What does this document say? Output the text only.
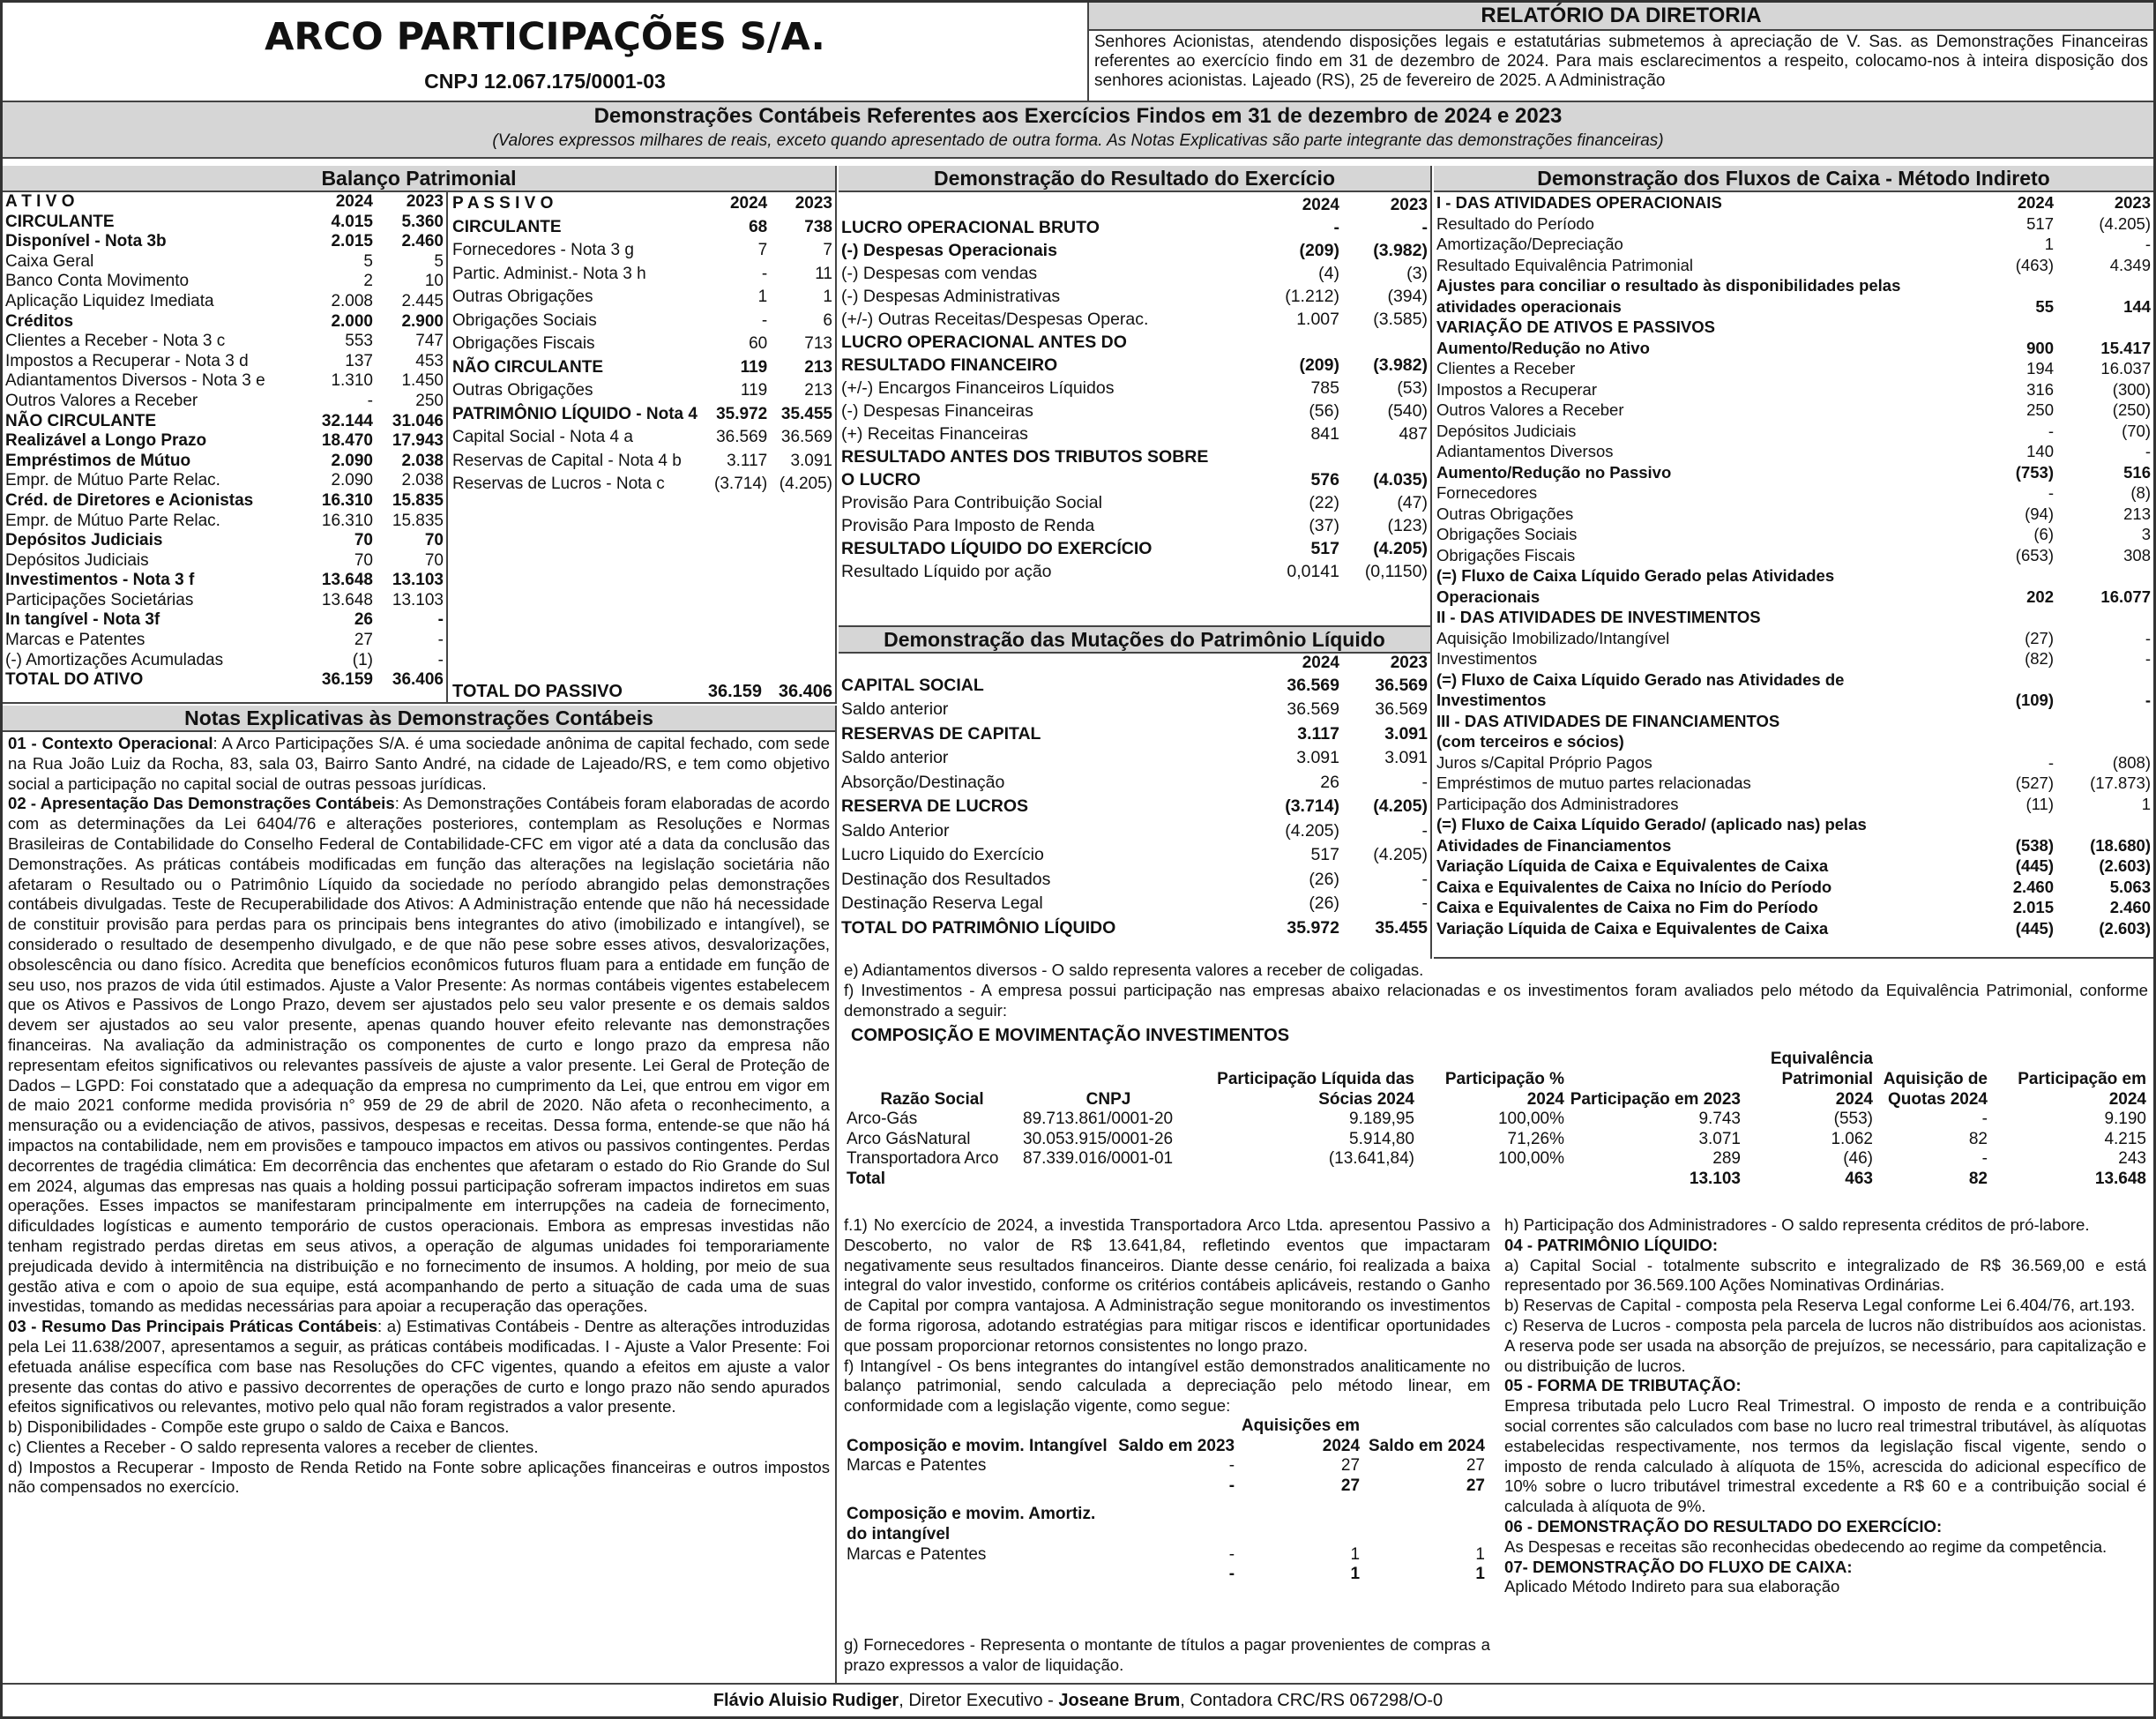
ARCO PARTICIPAÇÕES S/A.
CNPJ 12.067.175/0001-03
RELATÓRIO DA DIRETORIA
Senhores Acionistas, atendendo disposições legais e estatutárias submetemos à apreciação de V. Sas. as Demonstrações Financeiras referentes ao exercício findo em 31 de dezembro de 2024. Para mais esclarecimentos a respeito, colocamo-nos à inteira disposição dos senhores acionistas. Lajeado (RS), 25 de fevereiro de 2025. A Administração
Demonstrações Contábeis Referentes aos Exercícios Findos em 31 de dezembro de 2024 e 2023
(Valores expressos milhares de reais, exceto quando apresentado de outra forma. As Notas Explicativas são parte integrante das demonstrações financeiras)
Balanço Patrimonial
A T I V O	2024	2023
CIRCULANTE	4.015	5.360
Disponível - Nota 3b	2.015	2.460
Caixa Geral	5	5
Banco Conta Movimento	2	10
Aplicação Liquidez Imediata	2.008	2.445
Créditos	2.000	2.900
Clientes a Receber - Nota 3 c	553	747
Impostos a Recuperar - Nota 3 d	137	453
Adiantamentos Diversos - Nota 3 e	1.310	1.450
Outros Valores a Receber	-	250
NÃO CIRCULANTE	32.144	31.046
Realizável a Longo Prazo	18.470	17.943
Empréstimos de Mútuo	2.090	2.038
Empr. de Mútuo Parte Relac.	2.090	2.038
Créd. de Diretores e Acionistas	16.310	15.835
Empr. de Mútuo Parte Relac.	16.310	15.835
Depósitos Judiciais	70	70
Depósitos Judiciais	70	70
Investimentos - Nota 3 f	13.648	13.103
Participações Societárias	13.648	13.103
In tangível - Nota 3f	26	-
Marcas e Patentes	27	-
(-) Amortizações Acumuladas	(1)	-
TOTAL DO ATIVO	36.159	36.406
P A S S I V O	2024	2023
CIRCULANTE	68	738
Fornecedores - Nota 3 g	7	7
Partic. Administ.- Nota 3 h	-	11
Outras Obrigações	1	1
Obrigações Sociais	-	6
Obrigações Fiscais	60	713
NÃO CIRCULANTE	119	213
Outras Obrigações	119	213
PATRIMÔNIO LÍQUIDO - Nota 4	35.972	35.455
Capital Social - Nota 4 a	36.569	36.569
Reservas de Capital - Nota 4 b	3.117	3.091
Reservas de Lucros - Nota c	(3.714)	(4.205)
TOTAL DO PASSIVO	36.159	36.406
Demonstração do Resultado do Exercício
	2024	2023
LUCRO OPERACIONAL BRUTO	-	-
(-) Despesas Operacionais	(209)	(3.982)
(-) Despesas com vendas	(4)	(3)
(-) Despesas Administrativas	(1.212)	(394)
(+/-) Outras Receitas/Despesas Operac.	1.007	(3.585)
LUCRO OPERACIONAL ANTES DO		
RESULTADO FINANCEIRO	(209)	(3.982)
(+/-) Encargos Financeiros Líquidos	785	(53)
(-) Despesas Financeiras	(56)	(540)
(+) Receitas Financeiras	841	487
RESULTADO ANTES DOS TRIBUTOS SOBRE		
O LUCRO	576	(4.035)
Provisão Para Contribuição Social	(22)	(47)
Provisão Para Imposto de Renda	(37)	(123)
RESULTADO LÍQUIDO DO EXERCÍCIO	517	(4.205)
Resultado Líquido por ação	0,0141	(0,1150)
Demonstração das Mutações do Patrimônio Líquido
	2024	2023
CAPITAL SOCIAL	36.569	36.569
Saldo anterior	36.569	36.569
RESERVAS DE CAPITAL	3.117	3.091
Saldo anterior	3.091	3.091
Absorção/Destinação	26	-
RESERVA DE LUCROS	(3.714)	(4.205)
Saldo Anterior	(4.205)	-
Lucro Liquido do Exercício	517	(4.205)
Destinação dos Resultados	(26)	-
Destinação Reserva Legal	(26)	-
TOTAL DO PATRIMÔNIO LÍQUIDO	35.972	35.455
Demonstração dos Fluxos de Caixa - Método Indireto
I - DAS ATIVIDADES OPERACIONAIS	2024	2023
Resultado do Período	517	(4.205)
Amortização/Depreciação	1	-
Resultado Equivalência Patrimonial	(463)	4.349
Ajustes para conciliar o resultado às disponibilidades pelas		
atividades operacionais	55	144
VARIAÇÃO DE ATIVOS E PASSIVOS		
Aumento/Redução no Ativo	900	15.417
Clientes a Receber	194	16.037
Impostos a Recuperar	316	(300)
Outros Valores a Receber	250	(250)
Depósitos Judiciais	-	(70)
Adiantamentos Diversos	140	-
Aumento/Redução no Passivo	(753)	516
Fornecedores	-	(8)
Outras Obrigações	(94)	213
Obrigações Sociais	(6)	3
Obrigações Fiscais	(653)	308
(=) Fluxo de Caixa Líquido Gerado pelas Atividades		
Operacionais	202	16.077
II - DAS ATIVIDADES DE INVESTIMENTOS		
Aquisição Imobilizado/Intangível	(27)	-
Investimentos	(82)	-
(=) Fluxo de Caixa Líquido Gerado nas Atividades de		
Investimentos	(109)	-
III - DAS ATIVIDADES DE FINANCIAMENTOS		
(com terceiros e sócios)		
Juros s/Capital Próprio Pagos	-	(808)
Empréstimos de mutuo partes relacionadas	(527)	(17.873)
Participação dos Administradores	(11)	1
(=) Fluxo de Caixa Líquido Gerado/ (aplicado nas) pelas		
Atividades de Financiamentos	(538)	(18.680)
Variação Líquida de Caixa e Equivalentes de Caixa	(445)	(2.603)
Caixa e Equivalentes de Caixa no Início do Período	2.460	5.063
Caixa e Equivalentes de Caixa no Fim do Período	2.015	2.460
Variação Líquida de Caixa e Equivalentes de Caixa	(445)	(2.603)
Notas Explicativas às Demonstrações Contábeis

01 - Contexto Operacional: A Arco Participações S/A. é uma sociedade anônima de capital fechado, com sede na Rua João Luiz da Rocha, 83, sala 03, Bairro Santo André, na cidade de Lajeado/RS, e tem como objetivo social a participação no capital social de outras pessoas jurídicas.

02 - Apresentação Das Demonstrações Contábeis: As Demonstrações Contábeis foram elaboradas de acordo com as determinações da Lei 6404/76 e alterações posteriores, contemplam as Resoluções e Normas Brasileiras de Contabilidade do Conselho Federal de Contabilidade-CFC em vigor até a data da conclusão das Demonstrações. As práticas contábeis modificadas em função das alterações na legislação societária não afetaram o Resultado ou o Patrimônio Líquido da sociedade no período abrangido pelas demonstrações contábeis divulgadas. Teste de Recuperabilidade dos Ativos: A Administração entende que não há necessidade de constituir provisão para perdas para os principais bens integrantes do ativo (imobilizado e intangível), se considerado o resultado de desempenho divulgado, e de que não pese sobre esses ativos, desvalorizações, obsolescência ou dano físico. Acredita que benefícios econômicos futuros fluam para a entidade em função de seu uso, nos prazos de vida útil estimados. Ajuste a Valor Presente: As normas contábeis vigentes estabelecem que os Ativos e Passivos de Longo Prazo, devem ser ajustados pelo seu valor presente e os demais saldos devem ser ajustados ao seu valor presente, apenas quando houver efeito relevante nas demonstrações financeiras. Na avaliação da administração os componentes de curto e longo prazo da empresa não representam efeitos significativos ou relevantes passíveis de ajuste a valor presente. Lei Geral de Proteção de Dados – LGPD: Foi constatado que a adequação da empresa no cumprimento da Lei, que entrou em vigor em de maio 2021 conforme medida provisória n° 959 de 29 de abril de 2020. Não afeta o reconhecimento, a mensuração ou a evidenciação de ativos, passivos, despesas e receitas. Dessa forma, entende-se que não há impactos na contabilidade, nem em provisões e tampouco impactos em ativos ou passivos contingentes. Perdas decorrentes de tragédia climática: Em decorrência das enchentes que afetaram o estado do Rio Grande do Sul em 2024, algumas das empresas nas quais a holding possui participação sofreram impactos indiretos em suas operações. Esses impactos se manifestaram principalmente em interrupções na cadeia de fornecimento, dificuldades logísticas e aumento temporário de custos operacionais. Embora as empresas investidas não tenham registrado perdas diretas em seus ativos, a operação de algumas unidades foi temporariamente prejudicada devido à intermitência na distribuição e no fornecimento de insumos. A holding, por meio de sua gestão ativa e com o apoio de sua equipe, está acompanhando de perto a situação de cada uma de suas investidas, tomando as medidas necessárias para apoiar a recuperação das operações.

03 - Resumo Das Principais Práticas Contábeis: a) Estimativas Contábeis - Dentre as alterações introduzidas pela Lei 11.638/2007, apresentamos a seguir, as práticas contábeis modificadas. I - Ajuste a Valor Presente: Foi efetuada análise específica com base nas Resoluções do CFC vigentes, quando a efeitos em ajuste a valor presente das contas do ativo e passivo decorrentes de operações de curto e longo prazo não sendo apurados efeitos significativos ou relevantes, motivo pelo qual não foram registrados a valor presente.

b) Disponibilidades - Compõe este grupo o saldo de Caixa e Bancos.

c) Clientes a Receber - O saldo representa valores a receber de clientes.

d) Impostos a Recuperar - Imposto de Renda Retido na Fonte sobre aplicações financeiras e outros impostos não compensados no exercício.

e) Adiantamentos diversos - O saldo representa valores a receber de coligadas.
f) Investimentos - A empresa possui participação nas empresas abaixo relacionadas e os investimentos foram avaliados pelo método da Equivalência Patrimonial, conforme demonstrado a seguir:
COMPOSIÇÃO E MOVIMENTAÇÃO INVESTIMENTOS
Razão Social	CNPJ	Participação Líquida das Sócias 2024	Participação % 2024	Participação em 2023	Equivalência Patrimonial 2024	Aquisição de Quotas 2024	Participação em 2024
Arco-Gás	89.713.861/0001-20	9.189,95	100,00%	9.743	(553)	-	9.190
Arco GásNatural	30.053.915/0001-26	5.914,80	71,26%	3.071	1.062	82	4.215
Transportadora Arco	87.339.016/0001-01	(13.641,84)	100,00%	289	(46)	-	243
Total				13.103	463	82	13.648
f.1) No exercício de 2024, a investida Transportadora Arco Ltda. apresentou Passivo a Descoberto, no valor de R$ 13.641,84, refletindo eventos que impactaram negativamente seus resultados financeiros. Diante desse cenário, foi realizada a baixa integral do valor investido, conforme os critérios contábeis aplicáveis, restando o Ganho de Capital por compra vantajosa. A Administração segue monitorando os investimentos de forma rigorosa, adotando estratégias para mitigar riscos e identificar oportunidades que possam proporcionar retornos consistentes no longo prazo.
f) Intangível - Os bens integrantes do intangível estão demonstrados analiticamente no balanço patrimonial, sendo calculada a depreciação pelo método linear, em conformidade com a legislação vigente, como segue:
Composição e movim. Intangível	Saldo em 2023	Aquisições em 2024	Saldo em 2024
Marcas e Patentes	-	27	27
	-	27	27
Composição e movim. Amortiz. do intangível			
Marcas e Patentes	-	1	1
	-	1	1
g) Fornecedores - Representa o montante de títulos a pagar provenientes de compras a prazo expressos a valor de liquidação.

h) Participação dos Administradores - O saldo representa créditos de pró-labore.

04 - PATRIMÔNIO LÍQUIDO:

a) Capital Social - totalmente subscrito e integralizado de R$ 36.569,00 e está representado por 36.569.100 Ações Nominativas Ordinárias.

b) Reservas de Capital - composta pela Reserva Legal conforme Lei 6.404/76, art.193.

c) Reserva de Lucros - composta pela parcela de lucros não distribuídos aos acionistas. A reserva pode ser usada na absorção de prejuízos, se necessário, para capitalização e ou distribuição de lucros.

05 - FORMA DE TRIBUTAÇÃO:

Empresa tributada pelo Lucro Real Trimestral. O imposto de renda e a contribuição social correntes são calculados com base no lucro real trimestral tributável, às alíquotas estabelecidas respectivamente, nos termos da legislação fiscal vigente, sendo o imposto de renda calculado à alíquota de 15%, acrescida do adicional específico de 10% sobre o lucro tributável trimestral excedente a R$ 60 e a contribuição social é calculada à alíquota de 9%.

06 - DEMONSTRAÇÃO DO RESULTADO DO EXERCÍCIO:

As Despesas e receitas são reconhecidas obedecendo ao regime da competência.

07- DEMONSTRAÇÃO DO FLUXO DE CAIXA:

Aplicado Método Indireto para sua elaboração

Flávio Aluisio Rudiger, Diretor Executivo - Joseane Brum, Contadora CRC/RS 067298/O-0
